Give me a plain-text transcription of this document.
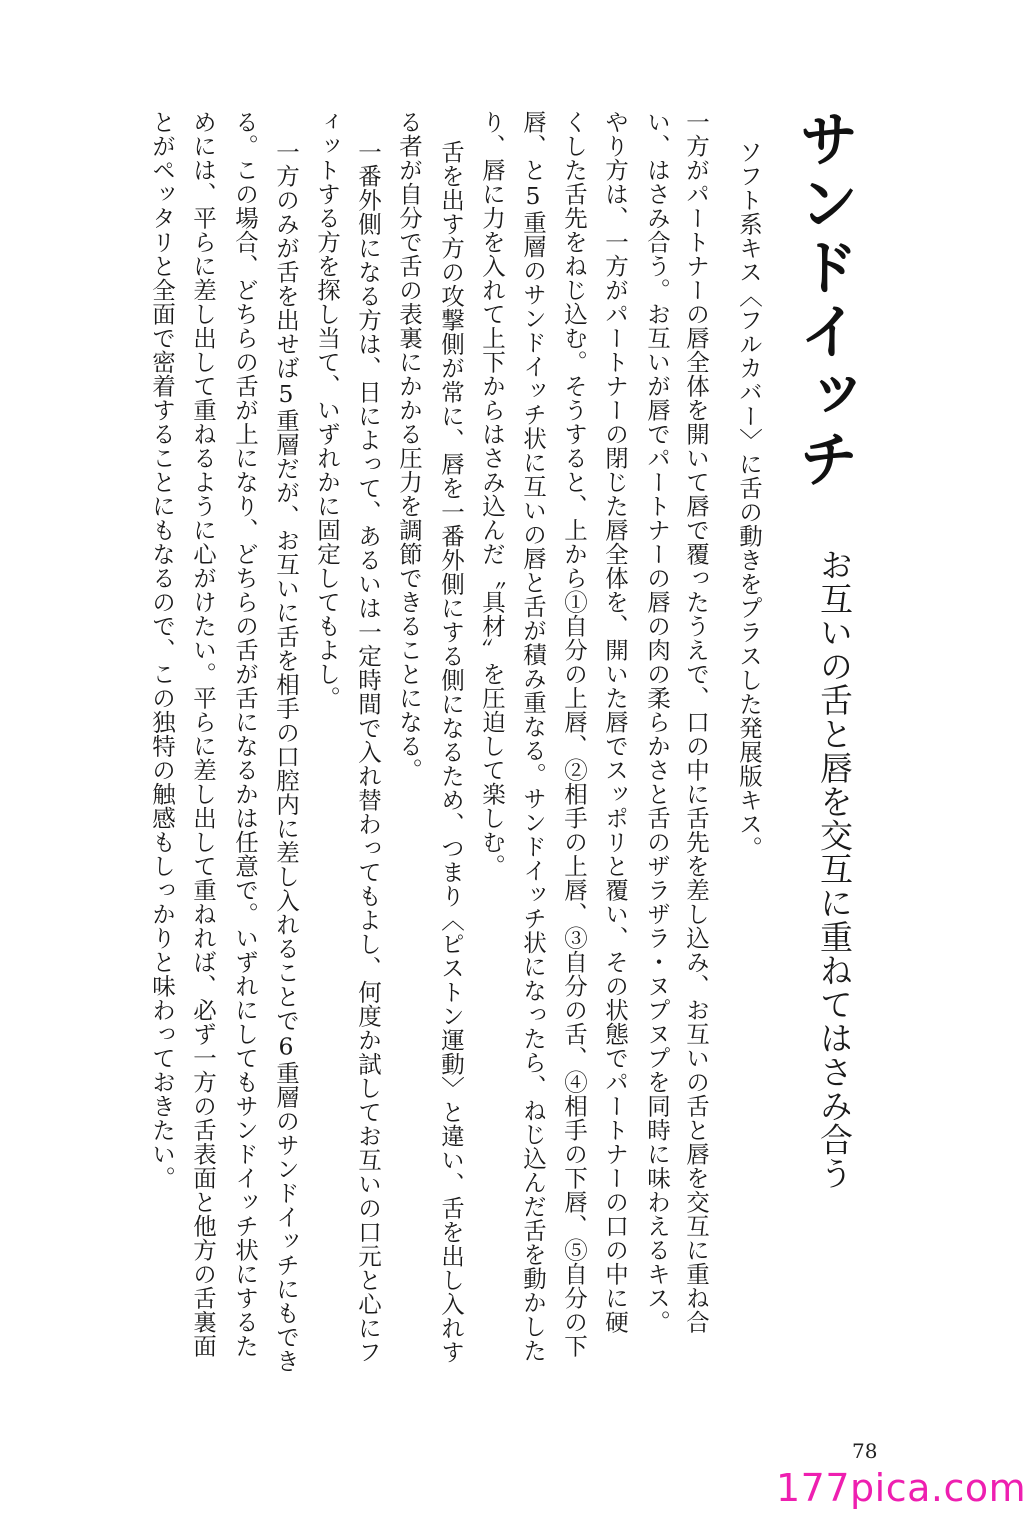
サンドイッチ
お互いの舌と唇を交互に重ねてはさみ合う
ソフト系キス〈フルカバー〉に舌の動きをプラスした発展版キス。
一方がパートナーの唇全体を開いて唇で覆ったうえで、口の中に舌先を差し込み、お互いの舌と唇を交互に重ね合
い、はさみ合う。お互いが唇でパートナーの唇の肉の柔らかさと舌のザラザラ・ヌプヌプを同時に味わえるキス。
やり方は、一方がパートナーの閉じた唇全体を、開いた唇でスッポリと覆い、その状態でパートナーの口の中に硬
くした舌先をねじ込む。そうすると、上から①自分の上唇、②相手の上唇、③自分の舌、④相手の下唇、⑤自分の下
唇、と5重層のサンドイッチ状に互いの唇と舌が積み重なる。サンドイッチ状になったら、ねじ込んだ舌を動かした
り、唇に力を入れて上下からはさみ込んだ〝具材〟を圧迫して楽しむ。
舌を出す方の攻撃側が常に、唇を一番外側にする側になるため、つまり〈ピストン運動〉と違い、舌を出し入れす
る者が自分で舌の表裏にかかる圧力を調節できることになる。
一番外側になる方は、日によって、あるいは一定時間で入れ替わってもよし、何度か試してお互いの口元と心にフ
ィットする方を探し当て、いずれかに固定してもよし。
一方のみが舌を出せば5重層だが、お互いに舌を相手の口腔内に差し入れることで6重層のサンドイッチにもでき
る。この場合、どちらの舌が上になり、どちらの舌が舌になるかは任意で。いずれにしてもサンドイッチ状にするた
めには、平らに差し出して重ねるように心がけたい。平らに差し出して重ねれば、必ず一方の舌表面と他方の舌裏面
とがペッタリと全面で密着することにもなるので、この独特の触感もしっかりと味わっておきたい。
78
177pica.com
